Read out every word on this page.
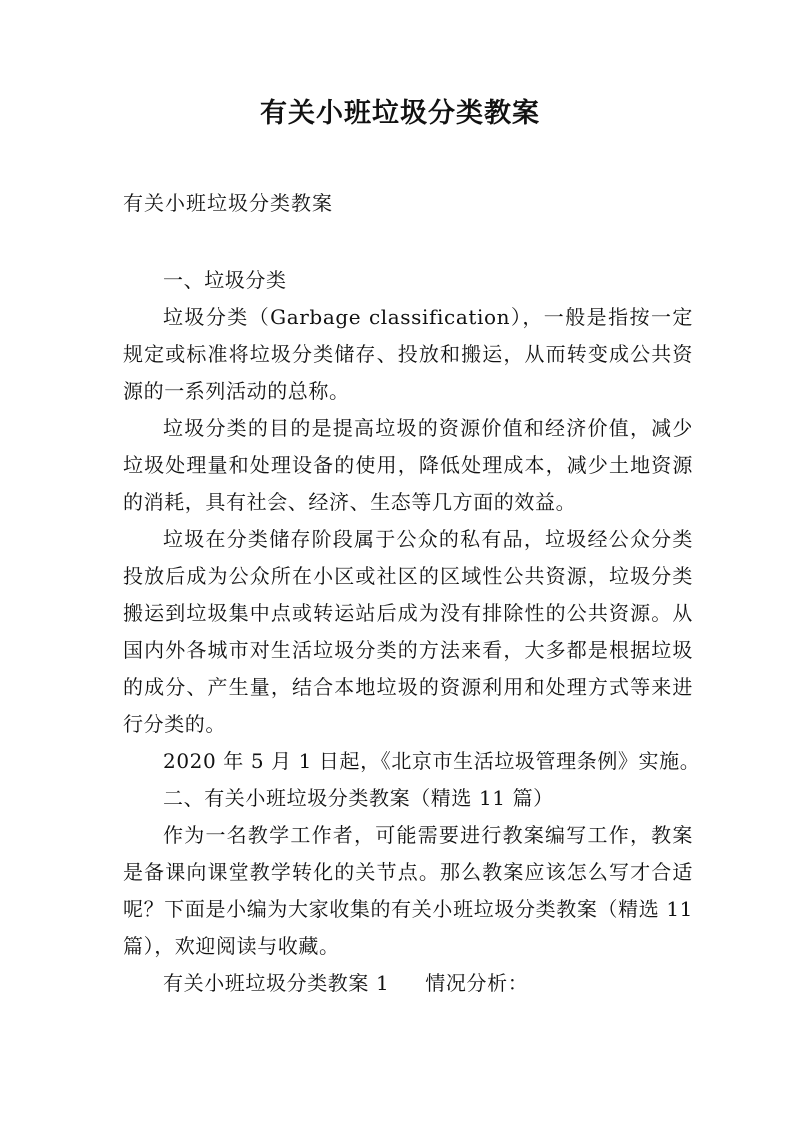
有关小班垃圾分类教案

有关小班垃圾分类教案

一、垃圾分类

垃圾分类（Garbage classification），一般是指按一定规定或标准将垃圾分类储存、投放和搬运，从而转变成公共资源的一系列活动的总称。

垃圾分类的目的是提高垃圾的资源价值和经济价值，减少垃圾处理量和处理设备的使用，降低处理成本，减少土地资源的消耗，具有社会、经济、生态等几方面的效益。

垃圾在分类储存阶段属于公众的私有品，垃圾经公众分类投放后成为公众所在小区或社区的区域性公共资源，垃圾分类搬运到垃圾集中点或转运站后成为没有排除性的公共资源。从国内外各城市对生活垃圾分类的方法来看，大多都是根据垃圾的成分、产生量，结合本地垃圾的资源利用和处理方式等来进行分类的。

2020 年 5 月 1 日起，《北京市生活垃圾管理条例》实施。

二、有关小班垃圾分类教案（精选 11 篇）

作为一名教学工作者，可能需要进行教案编写工作，教案是备课向课堂教学转化的关节点。那么教案应该怎么写才合适呢？下面是小编为大家收集的有关小班垃圾分类教案（精选 11 篇），欢迎阅读与收藏。

有关小班垃圾分类教案 1 情况分析：
